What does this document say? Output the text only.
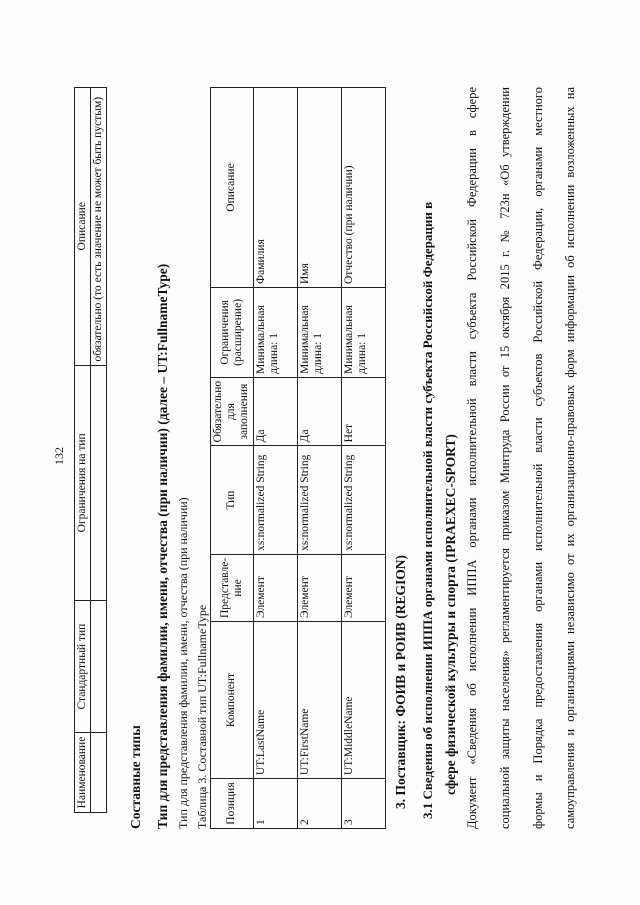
132
Наименование	Стандартный тип	Ограничения на тип	Описание
			обязательно (то есть значение не может быть пустым)
Составные типы Тип для представления фамилии, имени, отчества (при наличии) (далее – UT:FullnameType) Тип для представления фамилии, имени, отчества (при наличии) Таблица 3. Составной тип UT:FullnameType Позиция	Компонент	Представле-ние	Тип	Обязательно для заполнения	Ограничения (расширение)	Описание
1	UT:LastName	Элемент	xs:normalized String	Да	Минимальная длина: 1	Фамилия
2	UT:FirstName	Элемент	xs:normalized String	Да	Минимальная длина: 1	Имя
3	UT:MiddleName	Элемент	xs:normalized String	Нет	Минимальная длина: 1	Отчество (при наличии)
3. Поставщик: ФОИВ и РОИВ (REGION) 3.1 Сведения об исполнении ИППА органами исполнительной власти субъекта Российской Федерации в сфере физической культуры и спорта (IPRAEXEC-SPORT) Документ «Сведения об исполнении ИППА органами исполнительной власти субъекта Российской Федерации в сфере социальной защиты населения» регламентируется приказом Минтруда России от 15 октября 2015 г. № 723н «Об утверждении формы и Порядка предоставления органами исполнительной власти субъектов Российской Федерации, органами местного самоуправления и организациями независимо от их организационно-правовых форм информации об исполнении возложенных на
